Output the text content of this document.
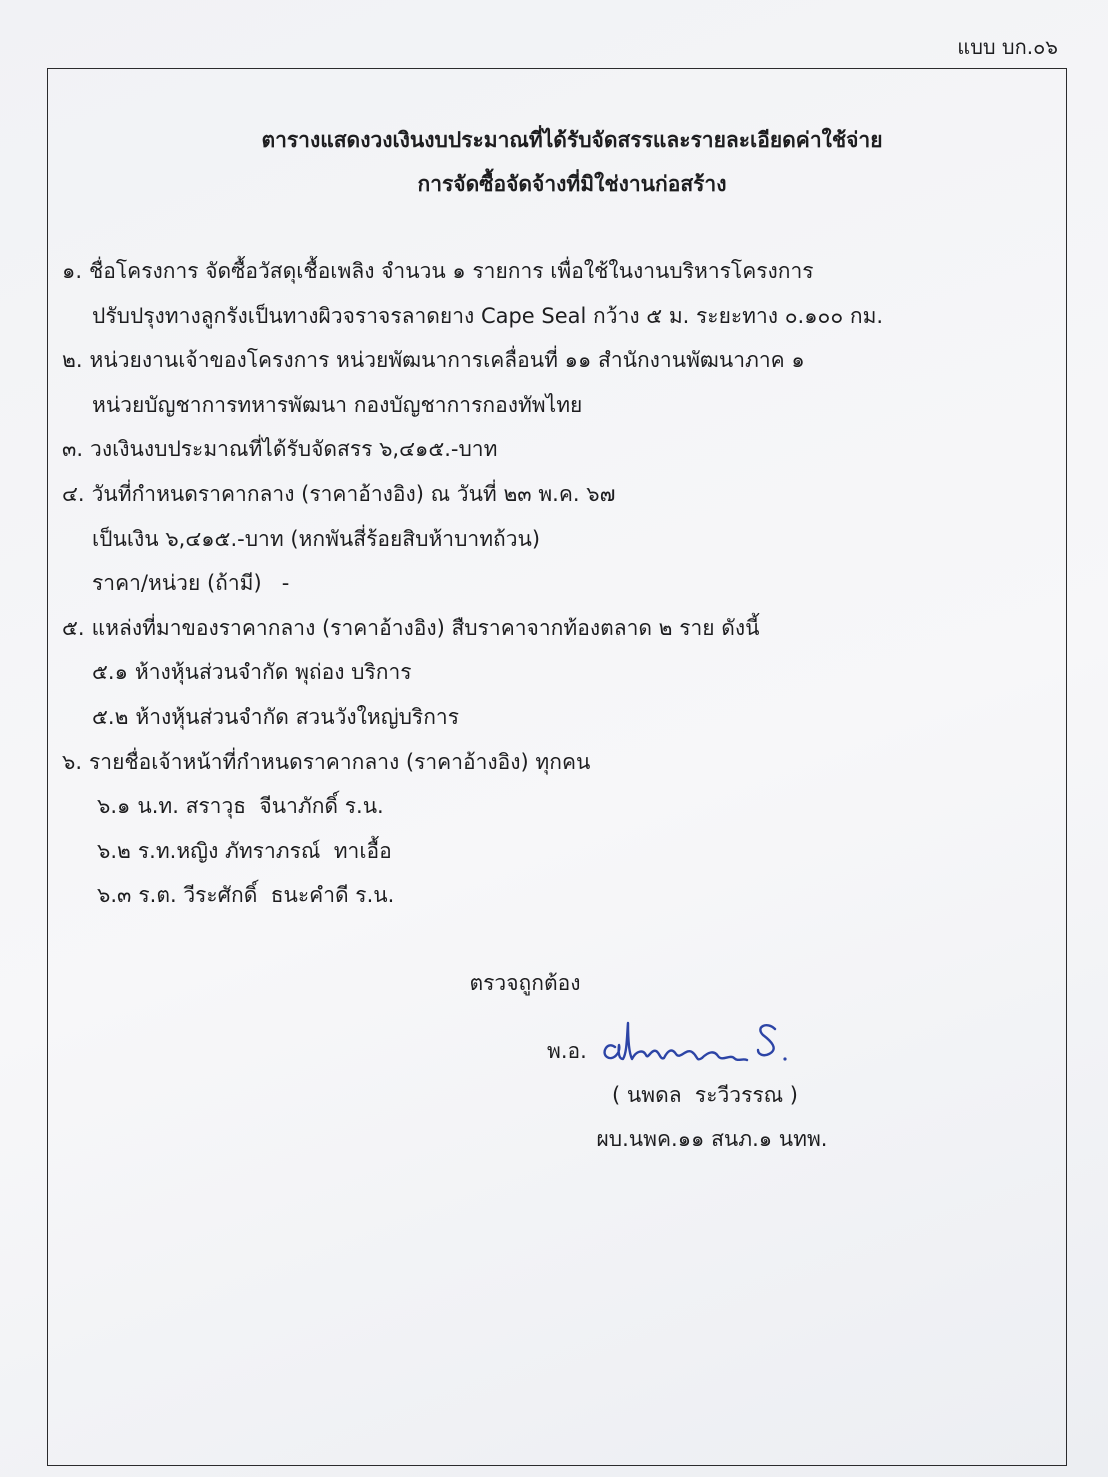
แบบ บก.๐๖
ตารางแสดงวงเงินงบประมาณที่ได้รับจัดสรรและรายละเอียดค่าใช้จ่าย
การจัดซื้อจัดจ้างที่มิใช่งานก่อสร้าง
๑. ชื่อโครงการ จัดซื้อวัสดุเชื้อเพลิง จำนวน ๑ รายการ เพื่อใช้ในงานบริหารโครงการ
ปรับปรุงทางลูกรังเป็นทางผิวจราจรลาดยาง Cape Seal กว้าง ๕ ม. ระยะทาง ๐.๑๐๐ กม.
๒. หน่วยงานเจ้าของโครงการ หน่วยพัฒนาการเคลื่อนที่ ๑๑ สำนักงานพัฒนาภาค ๑
หน่วยบัญชาการทหารพัฒนา กองบัญชาการกองทัพไทย
๓. วงเงินงบประมาณที่ได้รับจัดสรร ๖,๔๑๕.-บาท
๔. วันที่กำหนดราคากลาง (ราคาอ้างอิง) ณ วันที่ ๒๓ พ.ค. ๖๗
เป็นเงิน ๖,๔๑๕.-บาท (หกพันสี่ร้อยสิบห้าบาทถ้วน)
ราคา/หน่วย (ถ้ามี)   -
๕. แหล่งที่มาของราคากลาง (ราคาอ้างอิง) สืบราคาจากท้องตลาด ๒ ราย ดังนี้
๕.๑ ห้างหุ้นส่วนจำกัด พุถ่อง บริการ
๕.๒ ห้างหุ้นส่วนจำกัด สวนวังใหญ่บริการ
๖. รายชื่อเจ้าหน้าที่กำหนดราคากลาง (ราคาอ้างอิง) ทุกคน
๖.๑ น.ท. สราวุธ  จีนาภักดิ์ ร.น.
๖.๒ ร.ท.หญิง ภัทราภรณ์  ทาเอื้อ
๖.๓ ร.ต. วีระศักดิ์  ธนะคำดี ร.น.
ตรวจถูกต้อง
พ.อ.
( นพดล  ระวีวรรณ )
ผบ.นพค.๑๑ สนภ.๑ นทพ.
